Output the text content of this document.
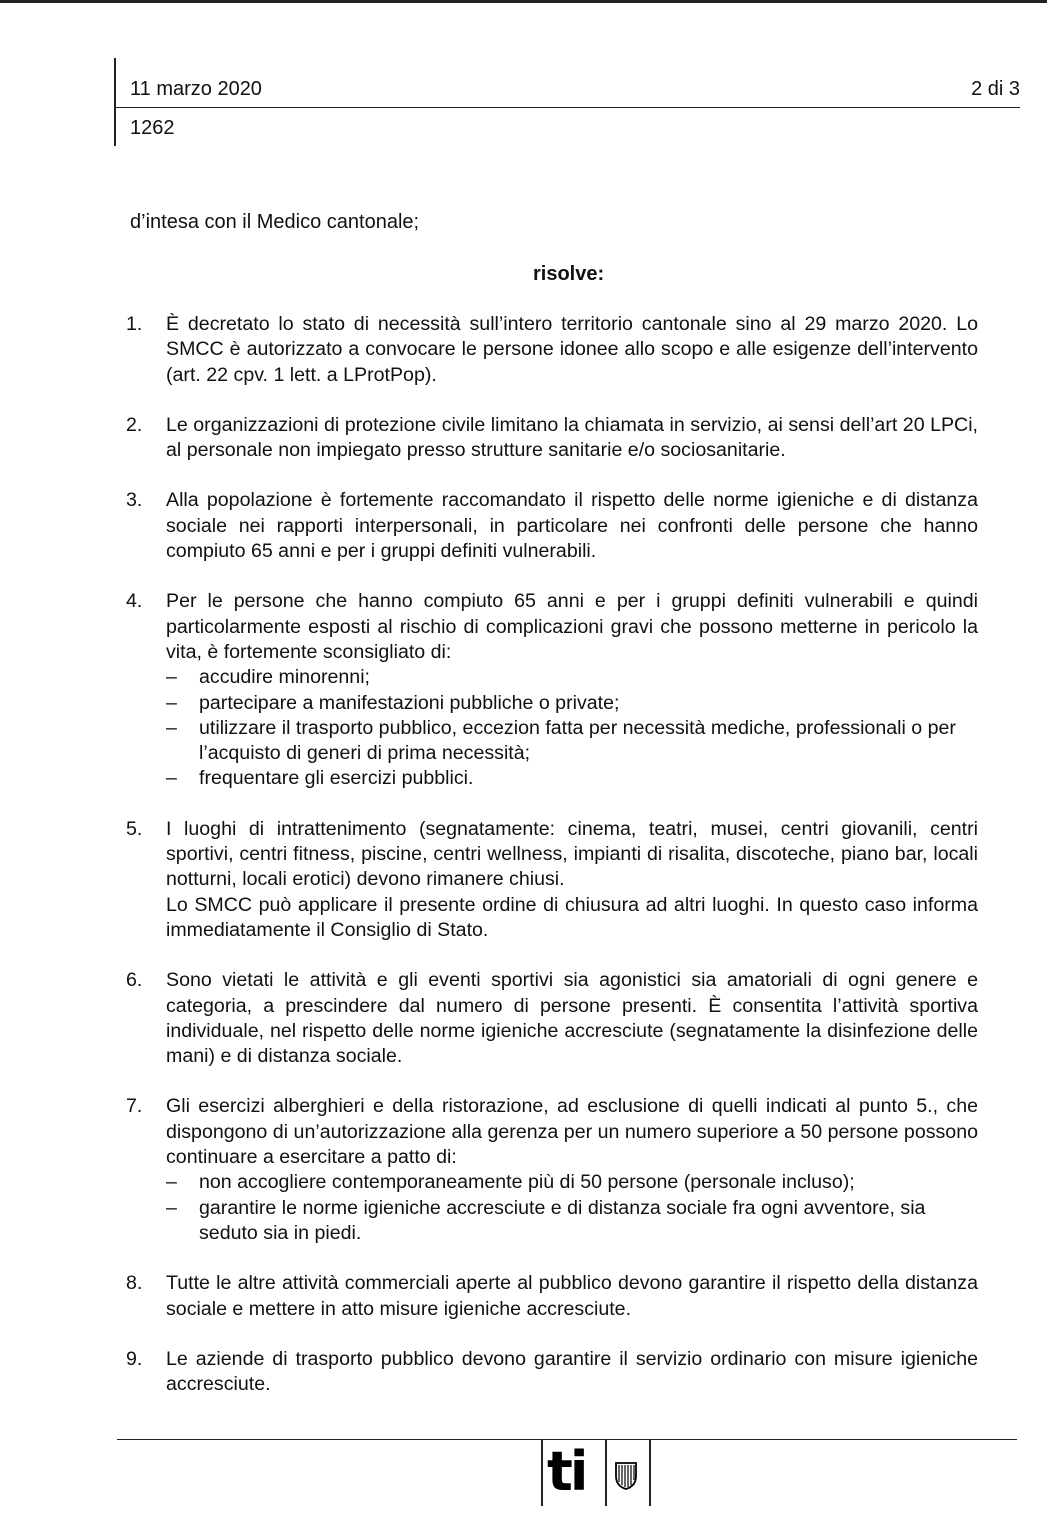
11 marzo 2020	2 di 3
1262
d’intesa con il Medico cantonale;
risolve:
1.	È decretato lo stato di necessità sull’intero territorio cantonale sino al 29 marzo 2020. Lo SMCC è autorizzato a convocare le persone idonee allo scopo e alle esigenze dell’intervento (art. 22 cpv. 1 lett. a LProtPop).

2.	Le organizzazioni di protezione civile limitano la chiamata in servizio, ai sensi dell’art 20 LPCi, al personale non impiegato presso strutture sanitarie e/o sociosanitarie.

3.	Alla popolazione è fortemente raccomandato il rispetto delle norme igieniche e di distanza sociale nei rapporti interpersonali, in particolare nei confronti delle persone che hanno compiuto 65 anni e per i gruppi definiti vulnerabili.

4.	Per le persone che hanno compiuto 65 anni e per i gruppi definiti vulnerabili e quindi particolarmente esposti al rischio di complicazioni gravi che possono metterne in pericolo la vita, è fortemente sconsigliato di:

– accudire minorenni;
– partecipare a manifestazioni pubbliche o private;
– utilizzare il trasporto pubblico, eccezion fatta per necessità mediche, professionali o per l’acquisto di generi di prima necessità;
– frequentare gli esercizi pubblici.
5.	I luoghi di intrattenimento (segnatamente: cinema, teatri, musei, centri giovanili, centri sportivi, centri fitness, piscine, centri wellness, impianti di risalita, discoteche, piano bar, locali notturni, locali erotici) devono rimanere chiusi.

Lo SMCC può applicare il presente ordine di chiusura ad altri luoghi. In questo caso informa immediatamente il Consiglio di Stato.

6.	Sono vietati le attività e gli eventi sportivi sia agonistici sia amatoriali di ogni genere e categoria, a prescindere dal numero di persone presenti. È consentita l’attività sportiva individuale, nel rispetto delle norme igieniche accresciute (segnatamente la disinfezione delle mani) e di distanza sociale.

7.	Gli esercizi alberghieri e della ristorazione, ad esclusione di quelli indicati al punto 5., che dispongono di un’autorizzazione alla gerenza per un numero superiore a 50 persone possono continuare a esercitare a patto di:

– non accogliere contemporaneamente più di 50 persone (personale incluso);
– garantire le norme igieniche accresciute e di distanza sociale fra ogni avventore, sia seduto sia in piedi.
8.	Tutte le altre attività commerciali aperte al pubblico devono garantire il rispetto della distanza sociale e mettere in atto misure igieniche accresciute.

9.	Le aziende di trasporto pubblico devono garantire il servizio ordinario con misure igieniche accresciute.

ti
